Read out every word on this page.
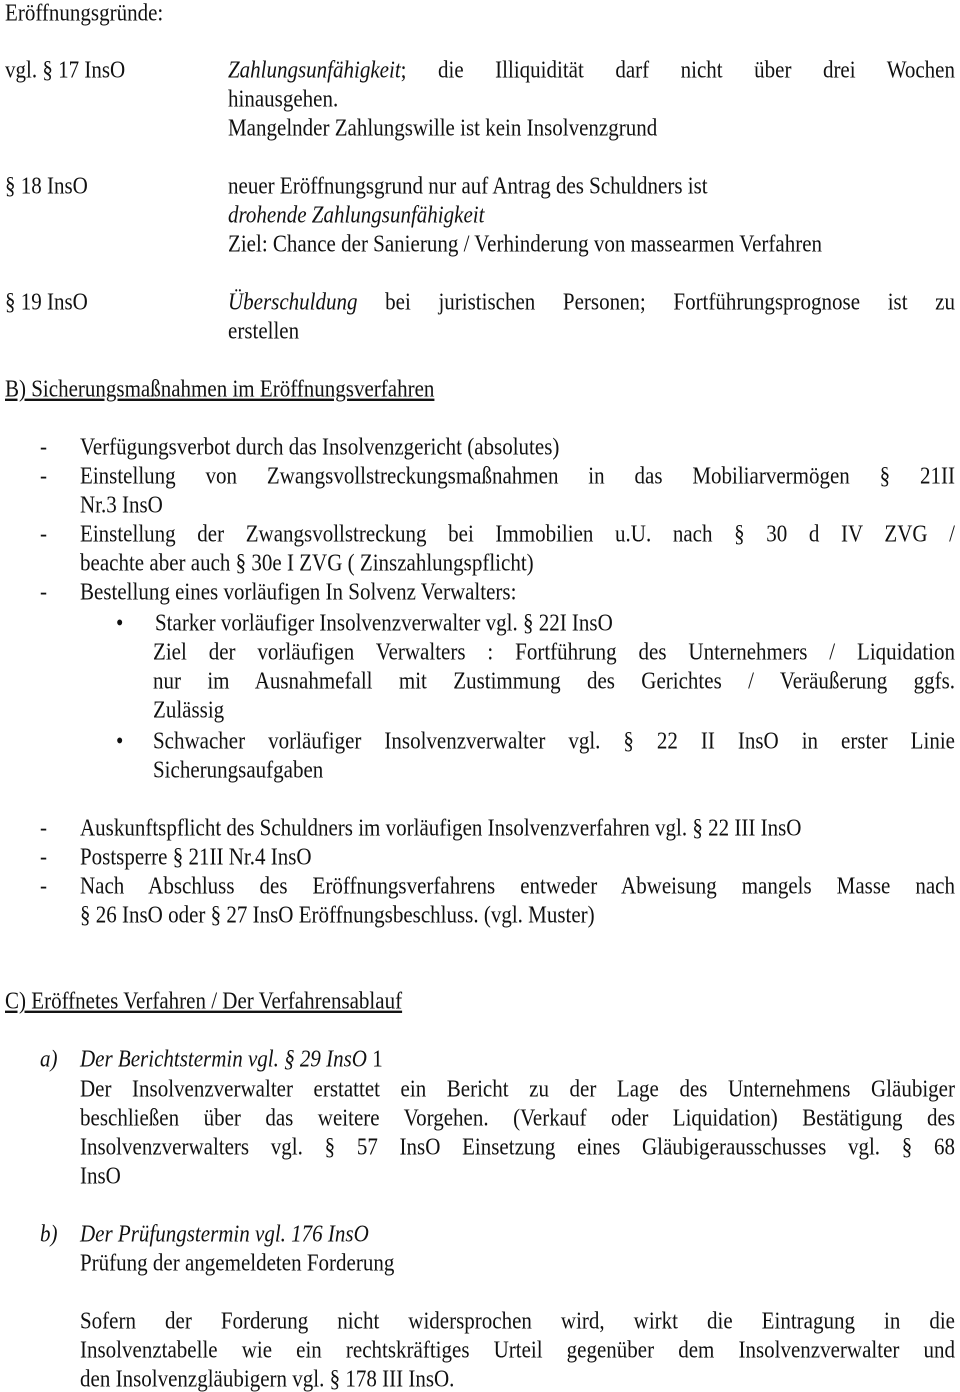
Eröffnungsgründe:
vgl. § 17 InsO	Zahlungsunfähigkeit; die Illiquidität darf nicht über drei Wochen
hinausgehen.
Mangelnder Zahlungswille ist kein Insolvenzgrund
§ 18 InsO	neuer Eröffnungsgrund nur auf Antrag des Schuldners ist
drohende Zahlungsunfähigkeit
Ziel: Chance der Sanierung / Verhinderung von massearmen Verfahren
§ 19 InsO	Überschuldung bei juristischen Personen; Fortführungsprognose ist zu
erstellen
B) Sicherungsmaßnahmen im Eröffnungsverfahren
- Verfügungsverbot durch das Insolvenzgericht (absolutes)
- Einstellung von Zwangsvollstreckungsmaßnahmen in das Mobiliarvermögen § 21II
Nr.3 InsO
- Einstellung der Zwangsvollstreckung bei Immobilien u.U. nach § 30 d IV ZVG /
beachte aber auch § 30e I ZVG ( Zinszahlungspflicht)
- Bestellung eines vorläufigen In Solvenz Verwalters:
• Starker vorläufiger Insolvenzverwalter vgl. § 22I InsO
Ziel der vorläufigen Verwalters : Fortführung des Unternehmers / Liquidation
nur im Ausnahmefall mit Zustimmung des Gerichtes / Veräußerung ggfs.
Zulässig
• Schwacher vorläufiger Insolvenzverwalter vgl. § 22 II InsO in erster Linie
Sicherungsaufgaben
- Auskunftspflicht des Schuldners im vorläufigen Insolvenzverfahren vgl. § 22 III InsO
- Postsperre § 21II Nr.4 InsO
- Nach Abschluss des Eröffnungsverfahrens entweder Abweisung mangels Masse nach
§ 26 InsO oder § 27 InsO Eröffnungsbeschluss. (vgl. Muster)
C) Eröffnetes Verfahren / Der Verfahrensablauf
a) Der Berichtstermin vgl. § 29 InsO 1
Der Insolvenzverwalter erstattet ein Bericht zu der Lage des Unternehmens Gläubiger
beschließen über das weitere Vorgehen. (Verkauf oder Liquidation) Bestätigung des
Insolvenzverwalters vgl. § 57 InsO Einsetzung eines Gläubigerausschusses vgl. § 68
InsO
b) Der Prüfungstermin vgl. 176 InsO
Prüfung der angemeldeten Forderung
Sofern der Forderung nicht widersprochen wird, wirkt die Eintragung in die
Insolvenztabelle wie ein rechtskräftiges Urteil gegenüber dem Insolvenzverwalter und
den Insolvenzgläubigern vgl. § 178 III InsO.
